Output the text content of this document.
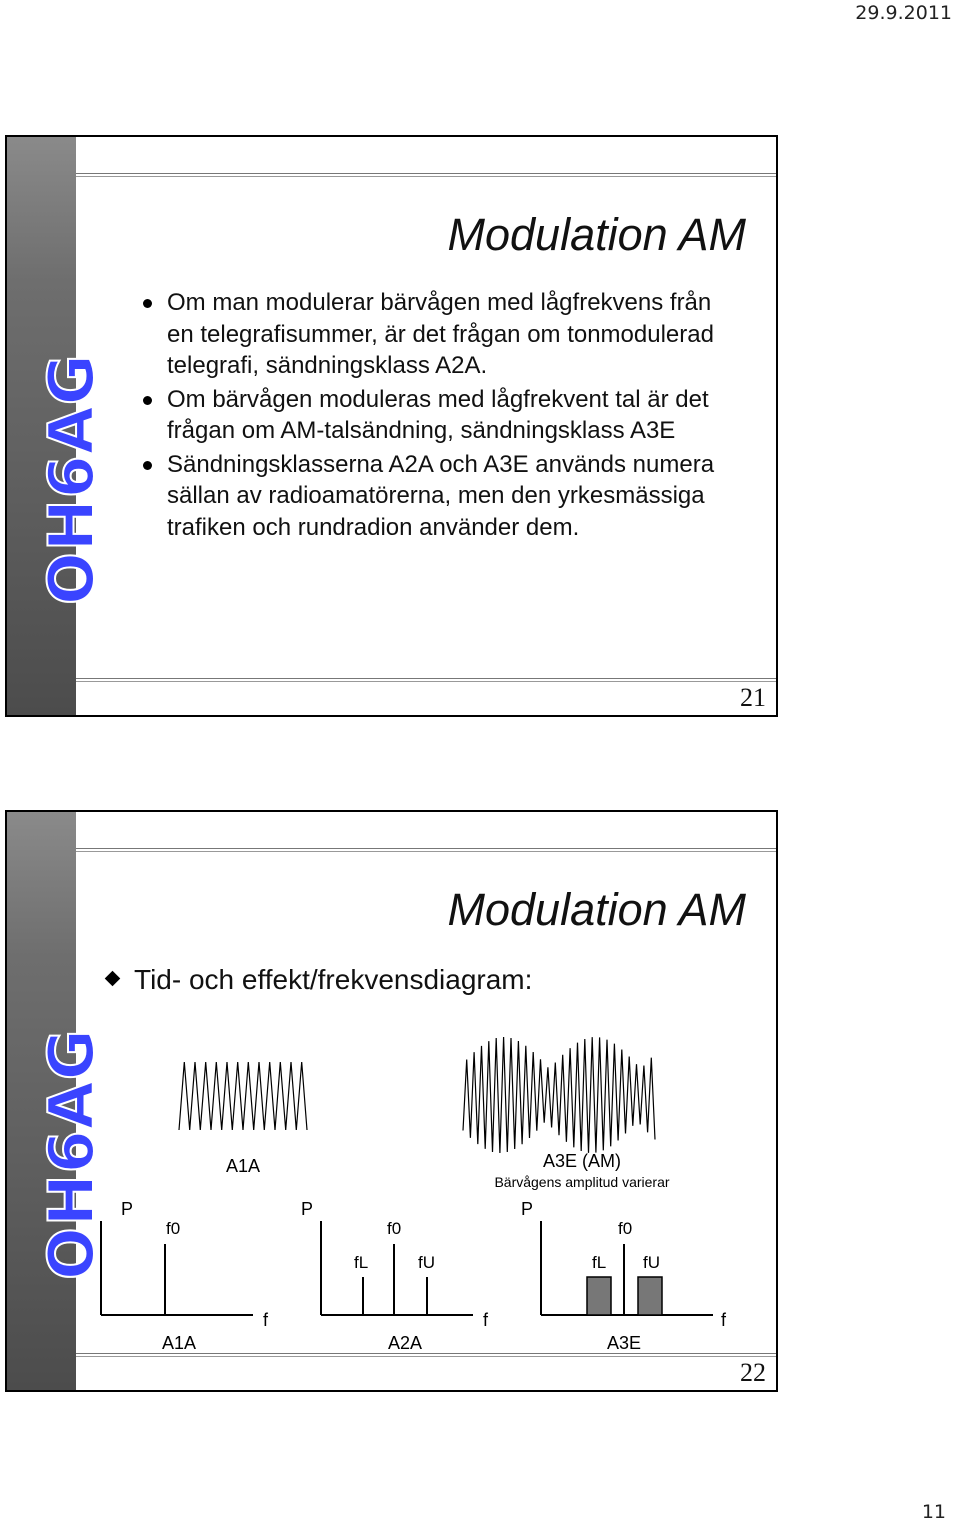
29.9.2011
OH6AG
Modulation AM
Om man modulerar bärvågen med lågfrekvens från en telegrafisummer, är det frågan om tonmodulerad telegrafi, sändningsklass A2A.
Om bärvågen moduleras med lågfrekvent tal är det frågan om AM-talsändning, sändningsklass A3E
Sändningsklasserna A2A och A3E används numera sällan av radioamatörerna, men den yrkesmässiga trafiken och rundradion använder dem.
21
OH6AG
Modulation AM
Tid- och effekt/frekvensdiagram:
A1A	A3E (AM)
Bärvågens amplitud varierar
P
f0
f
A1A
P
f0
fL	fU
f
A2A
P
f0
fL fU
f
A3E
22
11
